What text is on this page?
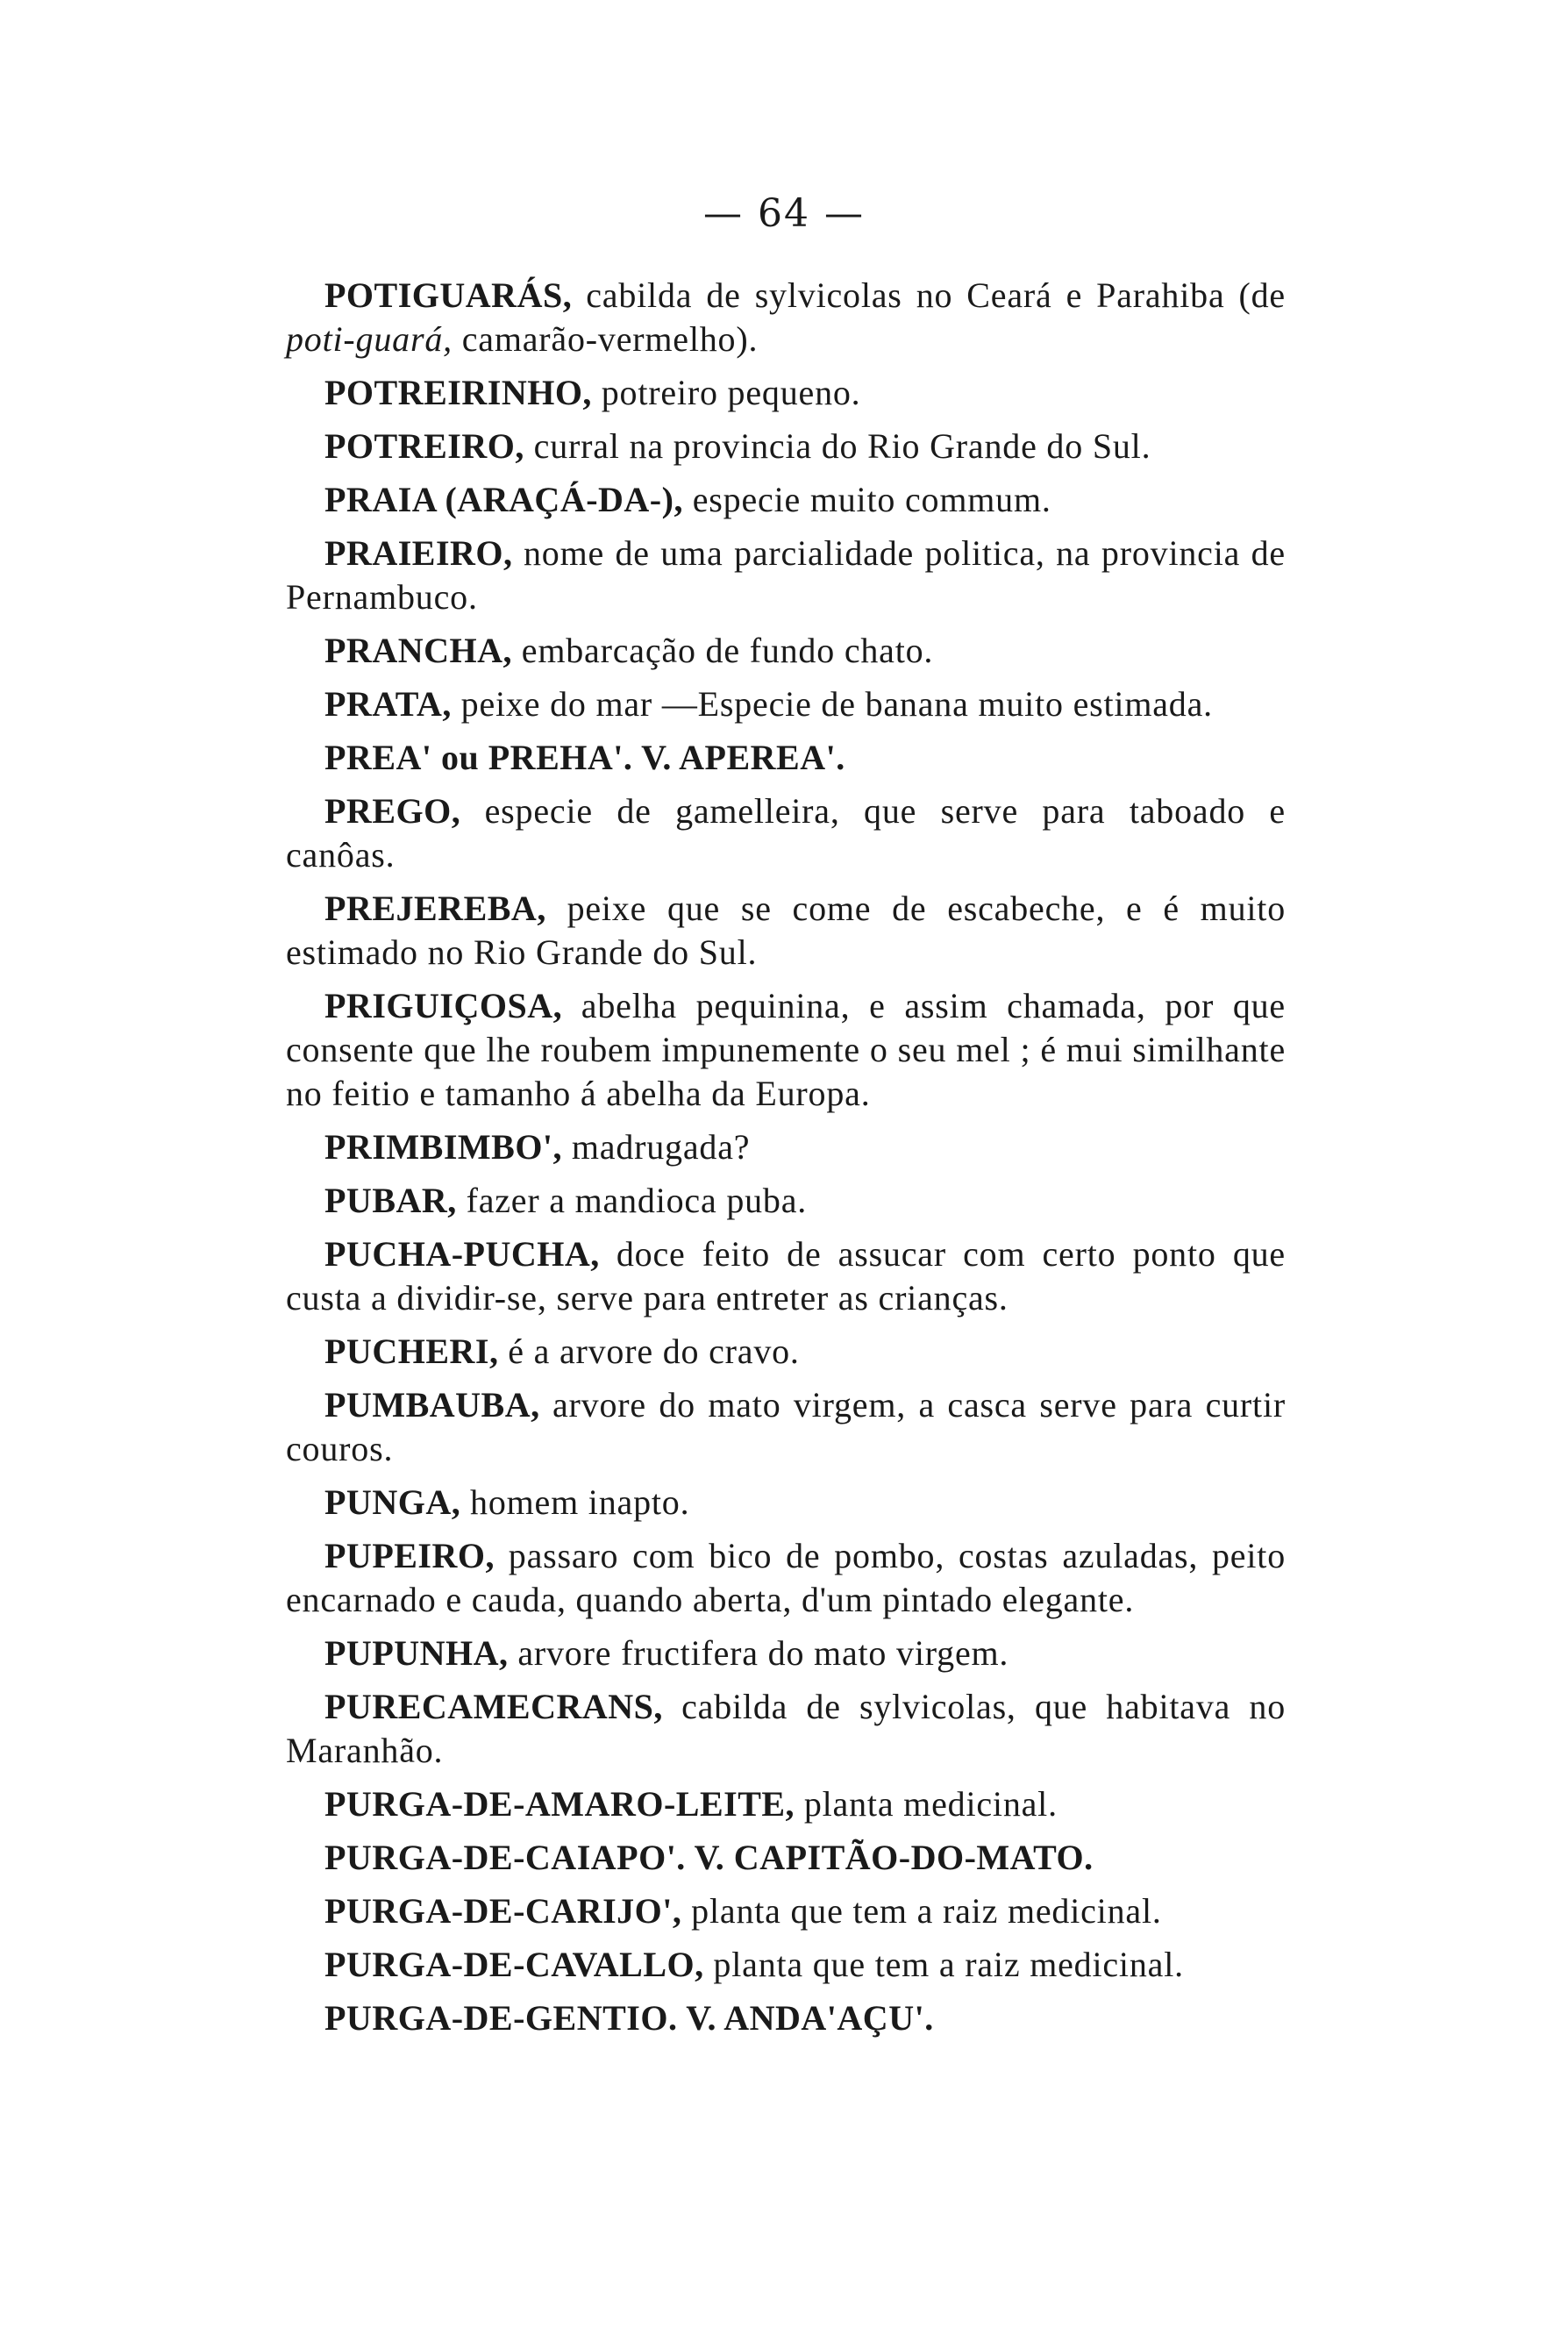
— 64 —

POTIGUARÁS, cabilda de sylvicolas no Ceará e Parahiba (de poti-guará, camarão-vermelho).

POTREIRINHO, potreiro pequeno.

POTREIRO, curral na provincia do Rio Grande do Sul.

PRAIA (ARAÇÁ-DA-), especie muito commum.

PRAIEIRO, nome de uma parcialidade politica, na provincia de Pernambuco.

PRANCHA, embarcação de fundo chato.

PRATA, peixe do mar —Especie de banana muito estimada.

PREA' ou PREHA'. V. APEREA'.

PREGO, especie de gamelleira, que serve para taboado e canôas.

PREJEREBA, peixe que se come de escabeche, e é muito estimado no Rio Grande do Sul.

PRIGUIÇOSA, abelha pequinina, e assim chamada, por que consente que lhe roubem impunemente o seu mel ; é mui similhante no feitio e tamanho á abelha da Europa.

PRIMBIMBO', madrugada?

PUBAR, fazer a mandioca puba.

PUCHA-PUCHA, doce feito de assucar com certo ponto que custa a dividir-se, serve para entreter as crianças.

PUCHERI, é a arvore do cravo.

PUMBAUBA, arvore do mato virgem, a casca serve para curtir couros.

PUNGA, homem inapto.

PUPEIRO, passaro com bico de pombo, costas azuladas, peito encarnado e cauda, quando aberta, d'um pintado elegante.

PUPUNHA, arvore fructifera do mato virgem.

PURECAMECRANS, cabilda de sylvicolas, que habitava no Maranhão.

PURGA-DE-AMARO-LEITE, planta medicinal.

PURGA-DE-CAIAPO'. V. CAPITÃO-DO-MATO.

PURGA-DE-CARIJO', planta que tem a raiz medicinal.

PURGA-DE-CAVALLO, planta que tem a raiz medicinal.

PURGA-DE-GENTIO. V. ANDA'AÇU'.
